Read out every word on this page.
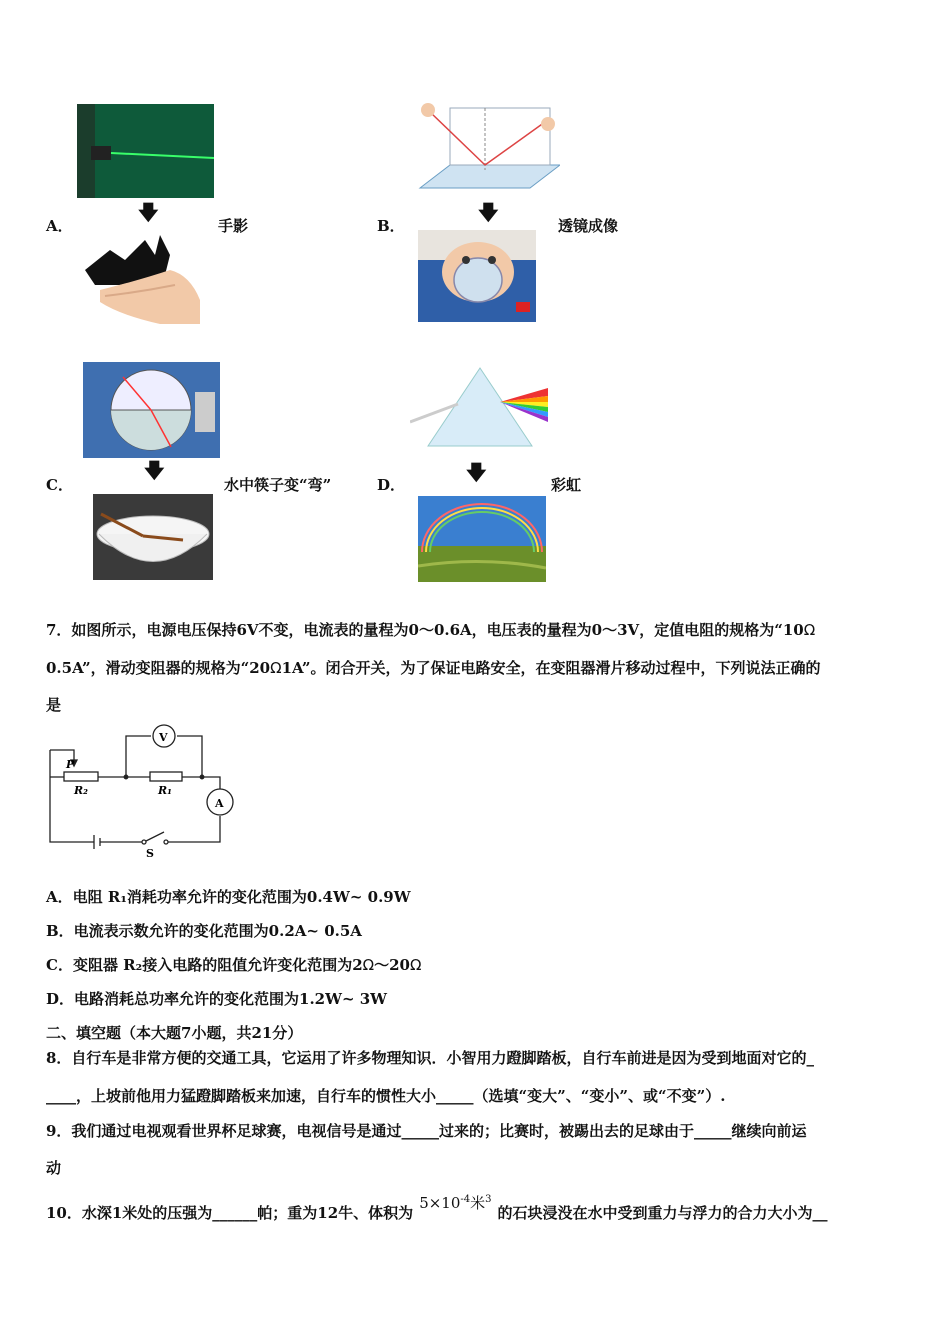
🡇
A．	手影
🡇
B．	透镜成像
🡇
C．	水中筷子变“弯”
🡇
D．	彩虹
7．如图所示，电源电压保持6V不变，电流表的量程为0～0.6A，电压表的量程为0～3V，定值电阻的规格为“10Ω
0.5A”，滑动变阻器的规格为“20Ω1A”。闭合开关，为了保证电路安全，在变阻器滑片移动过程中，下列说法正确的
是
V
A
P
R₂	R₁
S
A．电阻 R₁消耗功率允许的变化范围为0.4W~ 0.9W
B．电流表示数允许的变化范围为0.2A~ 0.5A
C．变阻器 R₂接入电路的阻值允许变化范围为2Ω～20Ω
D．电路消耗总功率允许的变化范围为1.2W~ 3W
二、填空题（本大题7小题，共21分）
8．自行车是非常方便的交通工具，它运用了许多物理知识．小智用力蹬脚踏板，自行车前进是因为受到地面对它的_
____，上坡前他用力猛蹬脚踏板来加速，自行车的惯性大小_____（选填“变大”、“变小”、或“不变”）.
9．我们通过电视观看世界杯足球赛，电视信号是通过_____过来的；比赛时，被踢出去的足球由于_____继续向前运
动
10．水深1米处的压强为______帕；重为12牛、体积为$5\times 10^{-4}$米$^3$的石块浸没在水中受到重力与浮力的合力大小为__
